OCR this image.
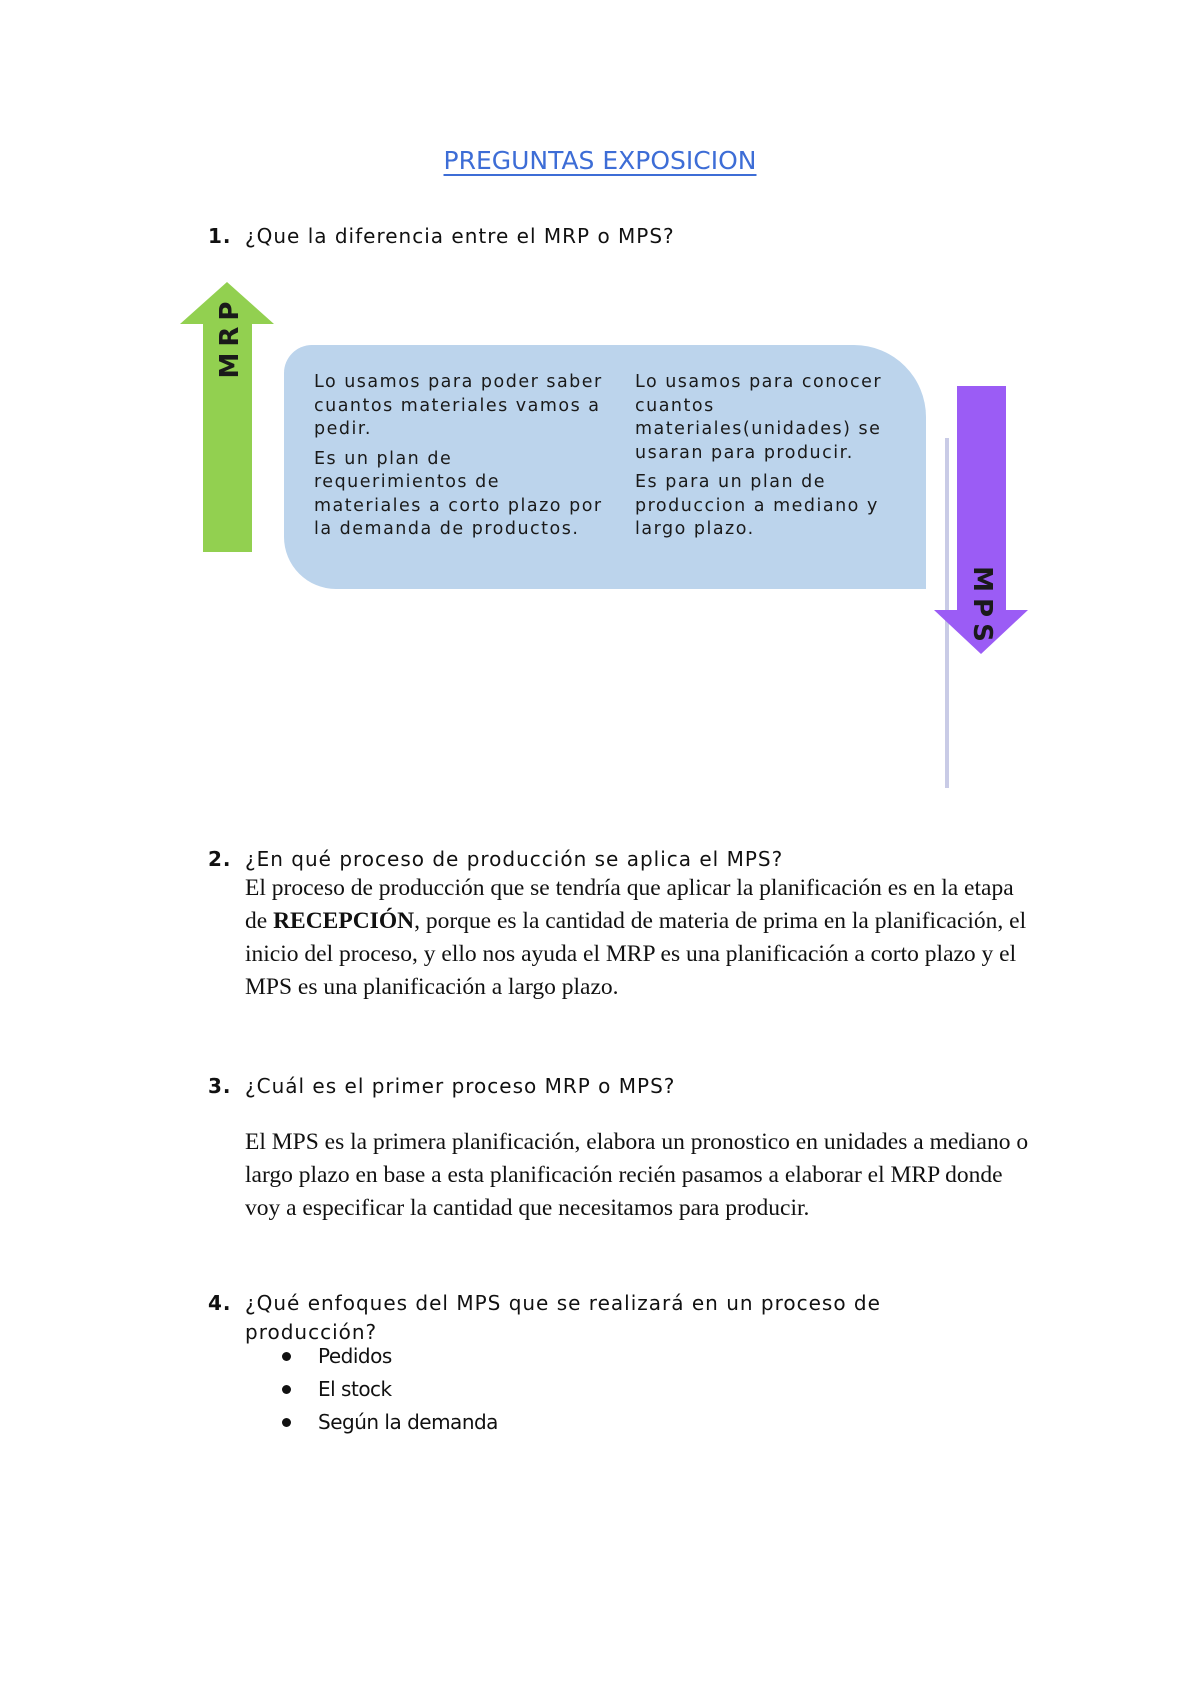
PREGUNTAS EXPOSICION
1. ¿Que la diferencia entre el MRP o MPS?
MRP

Lo usamos para poder saber cuantos materiales vamos a pedir.

Es un plan de requerimientos de materiales a corto plazo por la demanda de productos.

Lo usamos para conocer cuantos materiales(unidades) se usaran para producir.

Es para un plan de produccion a mediano y largo plazo.

MPS
2. ¿En qué proceso de producción se aplica el MPS?
El proceso de producción que se tendría que aplicar la planificación es en la etapa de RECEPCIÓN, porque es la cantidad de materia de prima en la planificación, el inicio del proceso, y ello nos ayuda el MRP es una planificación a corto plazo y el MPS es una planificación a largo plazo.
3. ¿Cuál es el primer proceso MRP o MPS?
El MPS es la primera planificación, elabora un pronostico en unidades a mediano o largo plazo en base a esta planificación recién pasamos a elaborar el MRP donde voy a especificar la cantidad que necesitamos para producir.
4. ¿Qué enfoques del MPS que se realizará en un proceso de producción?
Pedidos
El stock
Según la demanda
